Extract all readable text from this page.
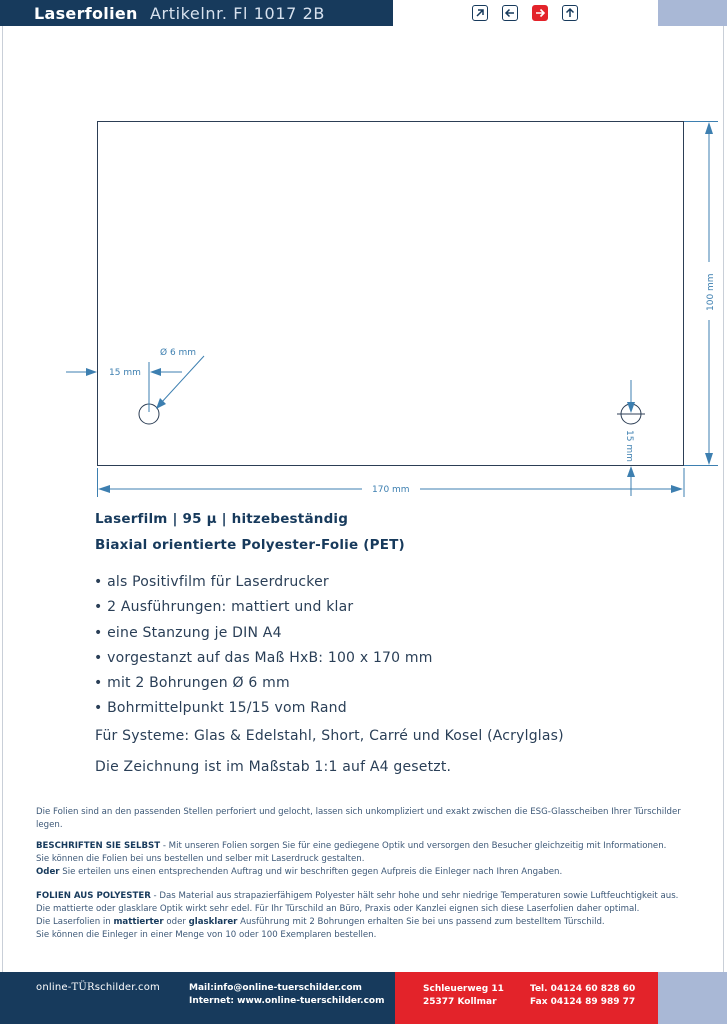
Laserfolien Artikelnr. Fl 1017 2B
100 mm
170 mm
15 mm
Ø 6 mm
15 mm
Laserfilm | 95 µ | hitzebeständig
Biaxial orientierte Polyester-Folie (PET)
• als Positivfilm für Laserdrucker
• 2 Ausführungen: mattiert und klar
• eine Stanzung je DIN A4
• vorgestanzt auf das Maß HxB: 100 x 170 mm
• mit 2 Bohrungen Ø 6 mm
• Bohrmittelpunkt 15/15 vom Rand
Für Systeme: Glas & Edelstahl, Short, Carré und Kosel (Acrylglas)
Die Zeichnung ist im Maßstab 1:1 auf A4 gesetzt.
Die Folien sind an den passenden Stellen perforiert und gelocht, lassen sich unkompliziert und exakt zwischen die ESG-Glasscheiben Ihrer Türschilder legen.
BESCHRIFTEN SIE SELBST - Mit unseren Folien sorgen Sie für eine gediegene Optik und versorgen den Besucher gleichzeitig mit Informationen.
Sie können die Folien bei uns bestellen und selber mit Laserdruck gestalten.
Oder Sie erteilen uns einen entsprechenden Auftrag und wir beschriften gegen Aufpreis die Einleger nach Ihren Angaben.
FOLIEN AUS POLYESTER - Das Material aus strapazierfähigem Polyester hält sehr hohe und sehr niedrige Temperaturen sowie Luftfeuchtigkeit aus.
Die mattierte oder glasklare Optik wirkt sehr edel. Für Ihr Türschild an Büro, Praxis oder Kanzlei eignen sich diese Laserfolien daher optimal.
Die Laserfolien in mattierter oder glasklarer Ausführung mit 2 Bohrungen erhalten Sie bei uns passend zum bestelltem Türschild.
Sie können die Einleger in einer Menge von 10 oder 100 Exemplaren bestellen.
online-TÜRschilder.com	Mail:info@online-tuerschilder.com
Internet: www.online-tuerschilder.com
Schleuerweg 11
25377 Kollmar
Tel. 04124 60 828 60
Fax 04124 89 989 77
